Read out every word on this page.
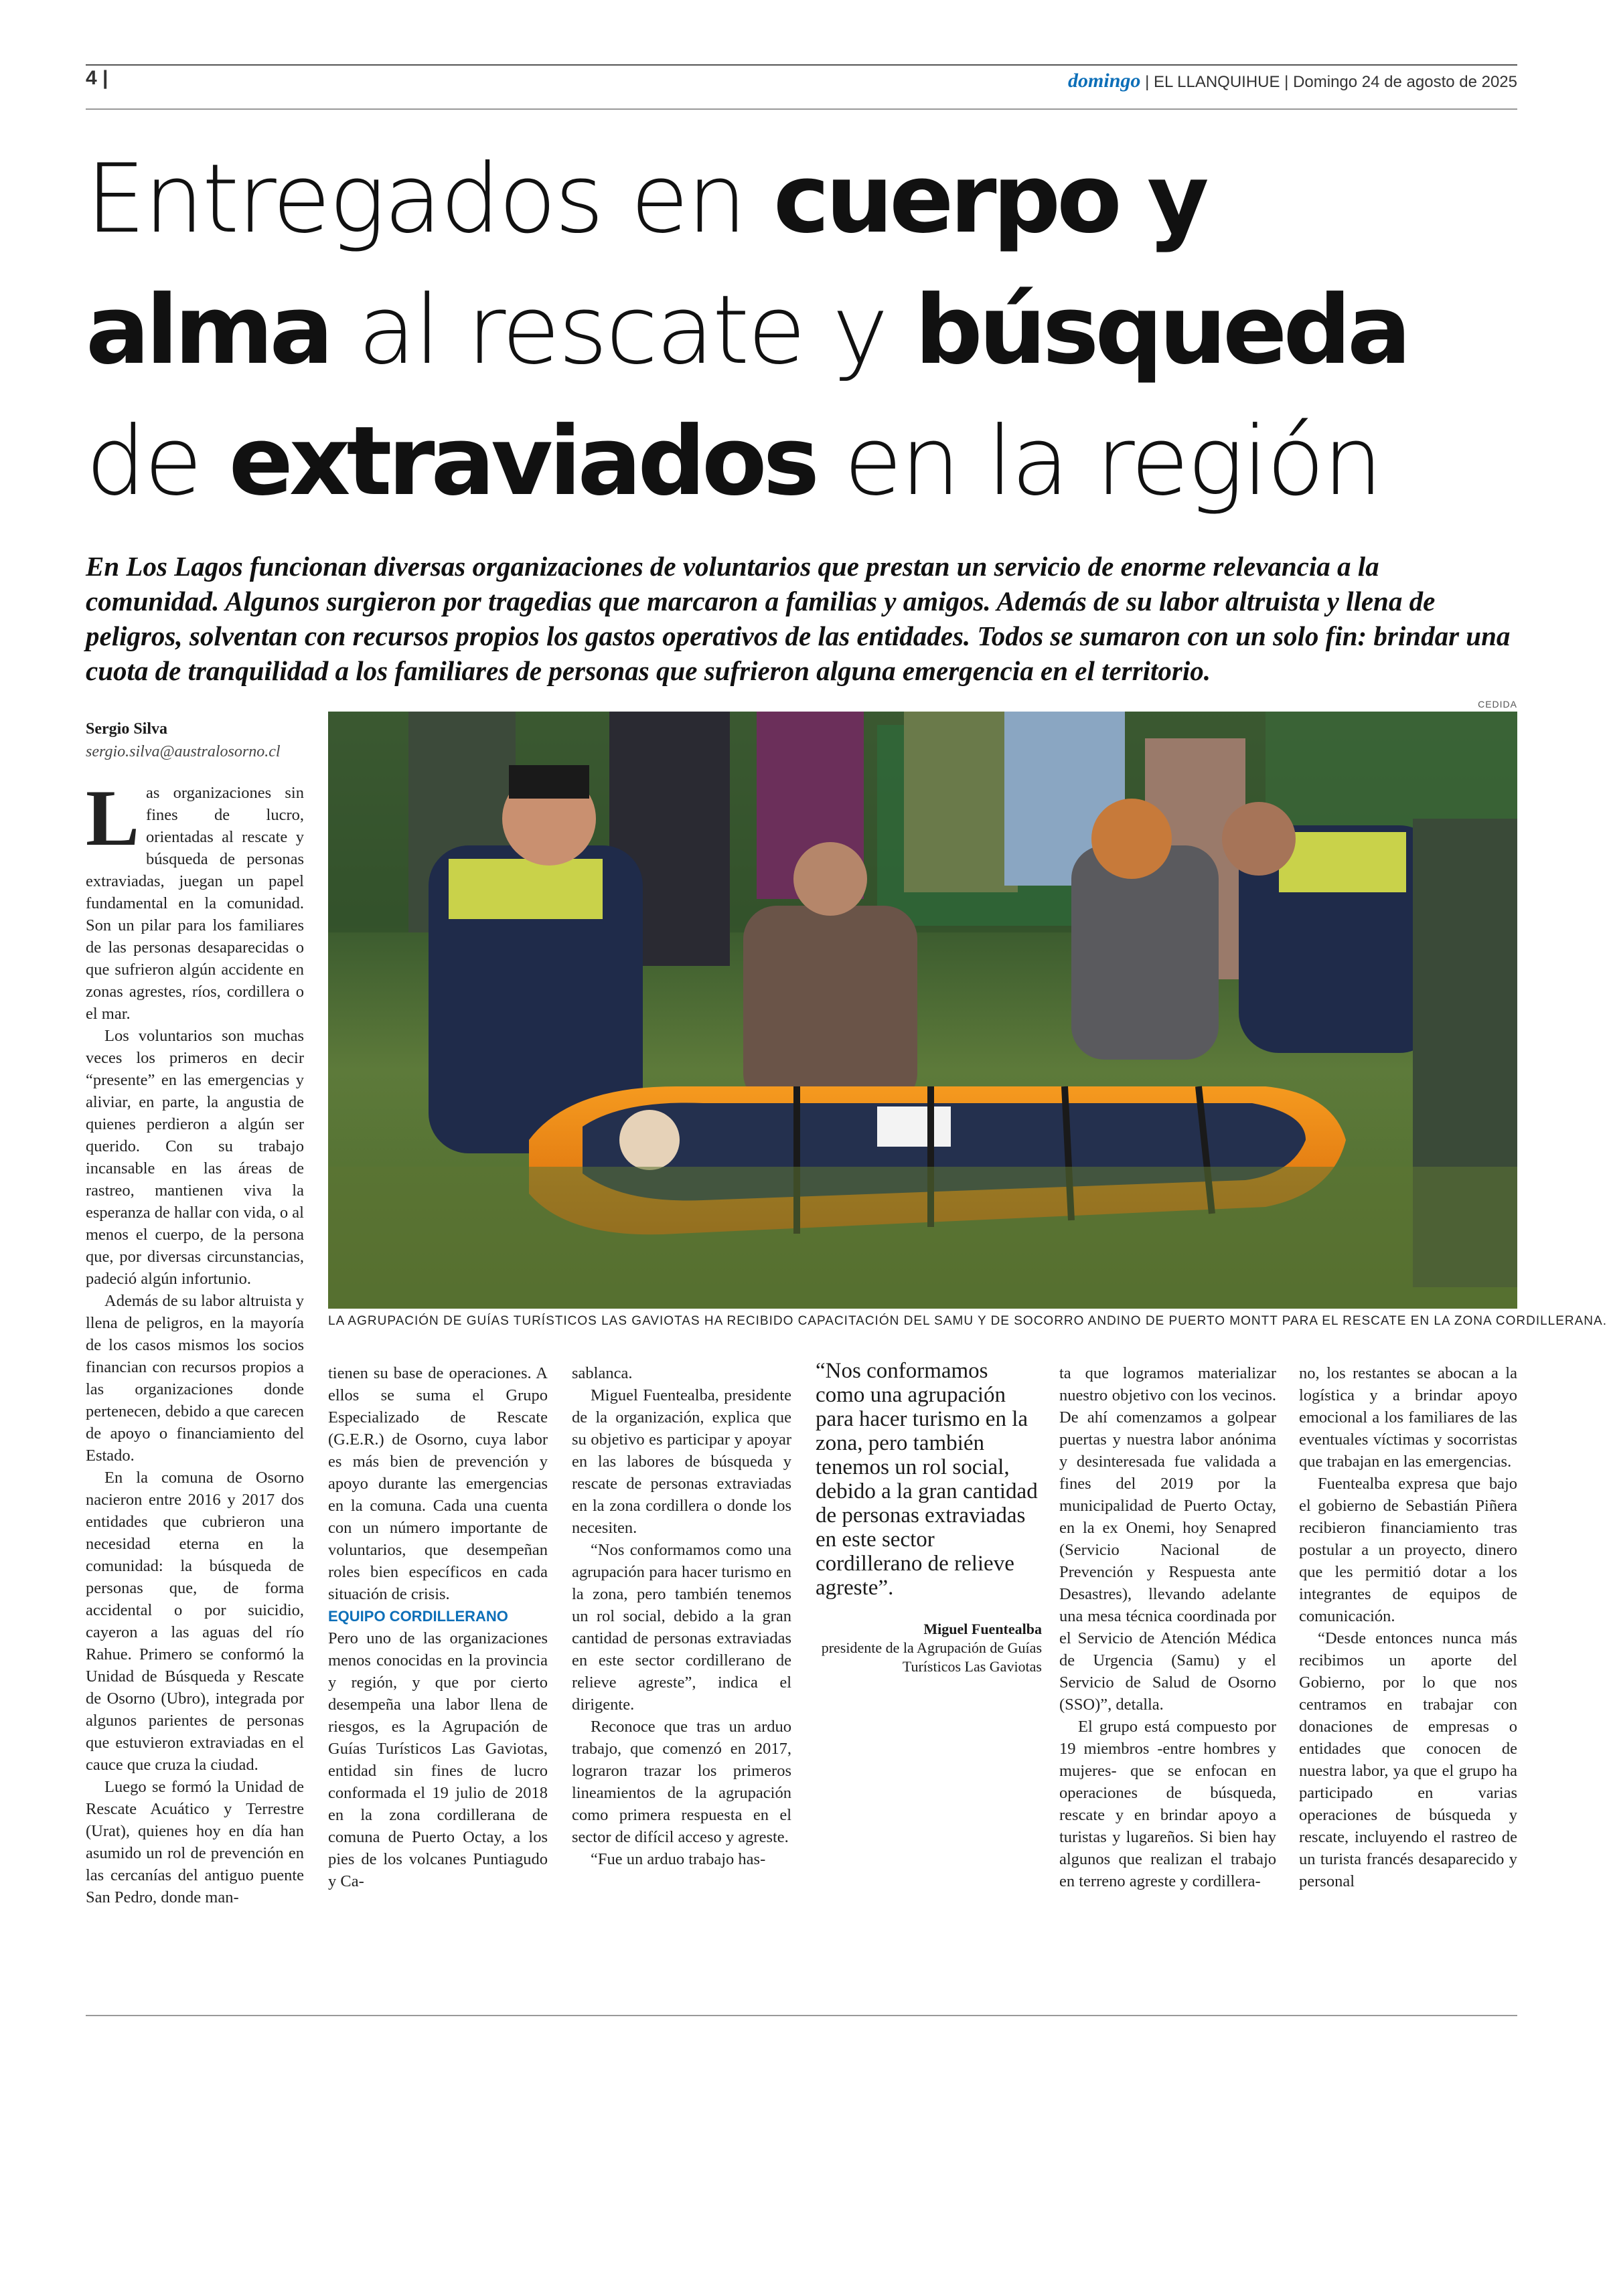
4 |	domingo | EL LLANQUIHUE | Domingo 24 de agosto de 2025
Entregados en cuerpo y
alma al rescate y búsqueda
de extraviados en la región
En Los Lagos funcionan diversas organizaciones de voluntarios que prestan un servicio de enorme relevancia a la comunidad. Algunos surgieron por tragedias que marcaron a familias y amigos. Además de su labor altruista y llena de peligros, solventan con recursos propios los gastos operativos de las entidades. Todos se sumaron con un solo fin: brindar una cuota de tranquilidad a los familiares de personas que sufrieron alguna emergencia en el territorio.
Sergio Silva
sergio.silva@australosorno.cl
CEDIDA
LA AGRUPACIÓN DE GUÍAS TURÍSTICOS LAS GAVIOTAS HA RECIBIDO CAPACITACIÓN DEL SAMU Y DE SOCORRO ANDINO DE PUERTO MONTT PARA EL RESCATE EN LA ZONA CORDILLERANA.

Las organizaciones sin fines de lucro, orientadas al rescate y búsqueda de personas extraviadas, juegan un papel fundamental en la comunidad. Son un pilar para los familiares de las personas desaparecidas o que sufrieron algún accidente en zonas agrestes, ríos, cordillera o el mar.

Los voluntarios son muchas veces los primeros en decir “presente” en las emergencias y aliviar, en parte, la angustia de quienes perdieron a algún ser querido. Con su trabajo incansable en las áreas de rastreo, mantienen viva la esperanza de hallar con vida, o al menos el cuerpo, de la persona que, por diversas circunstancias, padeció algún infortunio.

Además de su labor altruista y llena de peligros, en la mayoría de los casos mismos los socios financian con recursos propios a las organizaciones donde pertenecen, debido a que carecen de apoyo o financiamiento del Estado.

En la comuna de Osorno nacieron entre 2016 y 2017 dos entidades que cubrieron una necesidad eterna en la comunidad: la búsqueda de personas que, de forma accidental o por suicidio, cayeron a las aguas del río Rahue. Primero se conformó la Unidad de Búsqueda y Rescate de Osorno (Ubro), integrada por algunos parientes de personas que estuvieron extraviadas en el cauce que cruza la ciudad.

Luego se formó la Unidad de Rescate Acuático y Terrestre (Urat), quienes hoy en día han asumido un rol de prevención en las cercanías del antiguo puente San Pedro, donde man-

tienen su base de operaciones. A ellos se suma el Grupo Especializado de Rescate (G.E.R.) de Osorno, cuya labor es más bien de prevención y apoyo durante las emergencias en la comuna. Cada una cuenta con un número importante de voluntarios, que desempeñan roles bien específicos en cada situación de crisis.

EQUIPO CORDILLERANO

Pero uno de las organizaciones menos conocidas en la provincia y región, y que por cierto desempeña una labor llena de riesgos, es la Agrupación de Guías Turísticos Las Gaviotas, entidad sin fines de lucro conformada el 19 julio de 2018 en la zona cordillerana de comuna de Puerto Octay, a los pies de los volcanes Puntiagudo y Ca-

sablanca.

Miguel Fuentealba, presidente de la organización, explica que su objetivo es participar y apoyar en las labores de búsqueda y rescate de personas extraviadas en la zona cordillera o donde los necesiten.

“Nos conformamos como una agrupación para hacer turismo en la zona, pero también tenemos un rol social, debido a la gran cantidad de personas extraviadas en este sector cordillerano de relieve agreste”, indica el dirigente.

Reconoce que tras un arduo trabajo, que comenzó en 2017, lograron trazar los primeros lineamientos de la agrupación como primera respuesta en el sector de difícil acceso y agreste.

“Fue un arduo trabajo has-

“Nos conformamos como una agrupación para hacer turismo en la zona, pero también tenemos un rol social, debido a la gran cantidad de personas extraviadas en este sector cordillerano de relieve agreste”.
Miguel Fuentealba
presidente de la Agrupación de Guías Turísticos Las Gaviotas

ta que logramos materializar nuestro objetivo con los vecinos. De ahí comenzamos a golpear puertas y nuestra labor anónima y desinteresada fue validada a fines del 2019 por la municipalidad de Puerto Octay, en la ex Onemi, hoy Senapred (Servicio Nacional de Prevención y Respuesta ante Desastres), llevando adelante una mesa técnica coordinada por el Servicio de Atención Médica de Urgencia (Samu) y el Servicio de Salud de Osorno (SSO)”, detalla.

El grupo está compuesto por 19 miembros -entre hombres y mujeres- que se enfocan en operaciones de búsqueda, rescate y en brindar apoyo a turistas y lugareños. Si bien hay algunos que realizan el trabajo en terreno agreste y cordillera-

no, los restantes se abocan a la logística y a brindar apoyo emocional a los familiares de las eventuales víctimas y socorristas que trabajan en las emergencias.

Fuentealba expresa que bajo el gobierno de Sebastián Piñera recibieron financiamiento tras postular a un proyecto, dinero que les permitió dotar a los integrantes de equipos de comunicación.

“Desde entonces nunca más recibimos un aporte del Gobierno, por lo que nos centramos en trabajar con donaciones de empresas o entidades que conocen de nuestra labor, ya que el grupo ha participado en varias operaciones de búsqueda y rescate, incluyendo el rastreo de un turista francés desaparecido y personal
